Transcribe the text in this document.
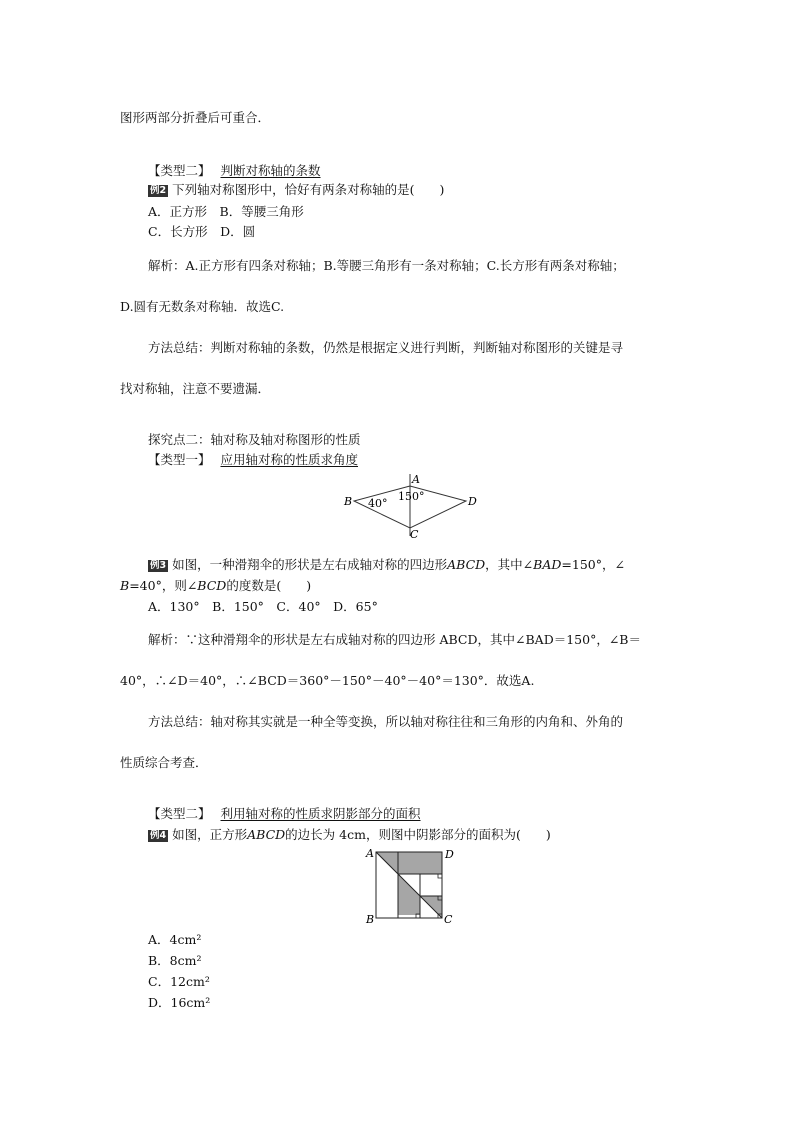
图形两部分折叠后可重合．
【类型二】 判断对称轴的条数
例2 下列轴对称图形中，恰好有两条对称轴的是(　　)
A．正方形　B．等腰三角形
C．长方形　D．圆
解析：A.正方形有四条对称轴；B.等腰三角形有一条对称轴；C.长方形有两条对称轴；
D.圆有无数条对称轴．故选C.
方法总结：判断对称轴的条数，仍然是根据定义进行判断，判断轴对称图形的关键是寻
找对称轴，注意不要遗漏．
探究点二：轴对称及轴对称图形的性质
【类型一】 应用轴对称的性质求角度
B
A
D
C
40°
150°
例3 如图，一种滑翔伞的形状是左右成轴对称的四边形ABCD，其中∠BAD=150°，∠
B=40°，则∠BCD的度数是(　　)
A．130°　B．150°　C．40°　D．65°
解析：∵这种滑翔伞的形状是左右成轴对称的四边形 ABCD，其中∠BAD＝150°，∠B＝
40°，∴∠D＝40°，∴∠BCD＝360°－150°－40°－40°＝130°．故选A.
方法总结：轴对称其实就是一种全等变换，所以轴对称往往和三角形的内角和、外角的
性质综合考查．
【类型二】 利用轴对称的性质求阴影部分的面积
例4 如图，正方形ABCD的边长为 4cm，则图中阴影部分的面积为(　　)
A	D
B	C
A．4cm²
B．8cm²
C．12cm²
D．16cm²
